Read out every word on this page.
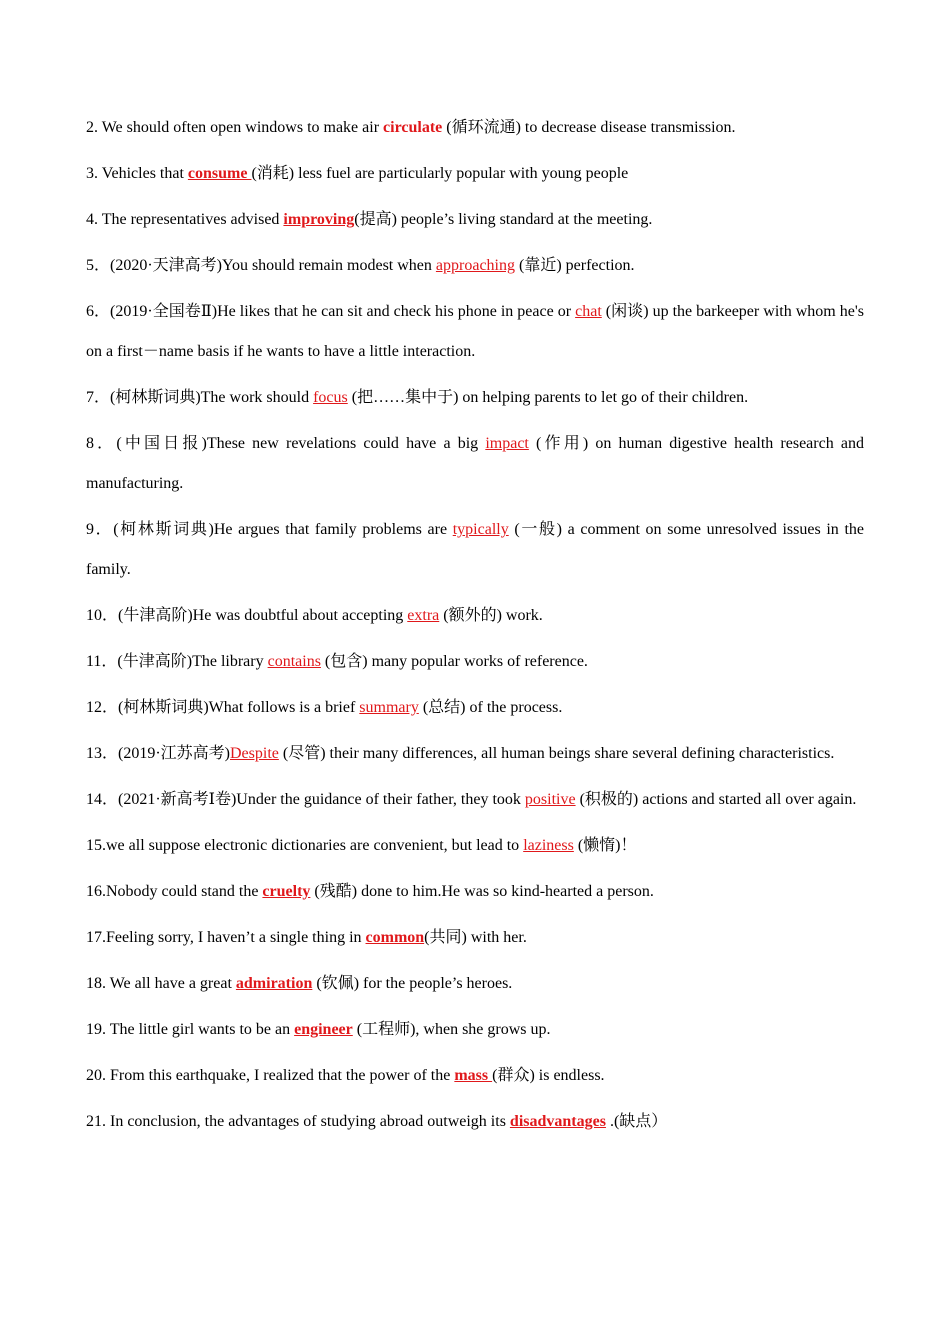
2. We should often open windows to make air circulate (循环流通) to decrease disease transmission.

3. Vehicles that consume (消耗) less fuel are particularly popular with young people

4. The representatives advised improving(提高) people’s living standard at the meeting.

5．(2020·天津高考)You should remain modest when approaching (靠近) perfection.

6．(2019·全国卷Ⅱ)He likes that he can sit and check his phone in peace or chat (闲谈) up the barkeeper with whom he's on a first－name basis if he wants to have a little interaction.

7．(柯林斯词典)The work should focus (把……集中于) on helping parents to let go of their children.

8．(中国日报)These new revelations could have a big impact (作用) on human digestive health research and manufacturing.

9．(柯林斯词典)He argues that family problems are typically (一般) a comment on some unresolved issues in the family.

10．(牛津高阶)He was doubtful about accepting extra (额外的) work.

11．(牛津高阶)The library contains (包含) many popular works of reference.

12．(柯林斯词典)What follows is a brief summary (总结) of the process.

13．(2019·江苏高考)Despite (尽管) their many differences, all human beings share several defining characteristics.

14．(2021·新高考Ⅰ卷)Under the guidance of their father, they took positive (积极的) actions and started all over again.

15.we all suppose electronic dictionaries are convenient, but lead to laziness (懒惰)！

16.Nobody could stand the cruelty (残酷) done to him.He was so kind-hearted a person.

17.Feeling sorry, I haven’t a single thing in common(共同) with her.

18. We all have a great admiration (钦佩) for the people’s heroes.

19. The little girl wants to be an engineer (工程师), when she grows up.

20. From this earthquake, I realized that the power of the mass (群众) is endless.

21. In conclusion, the advantages of studying abroad outweigh its disadvantages .(缺点）
